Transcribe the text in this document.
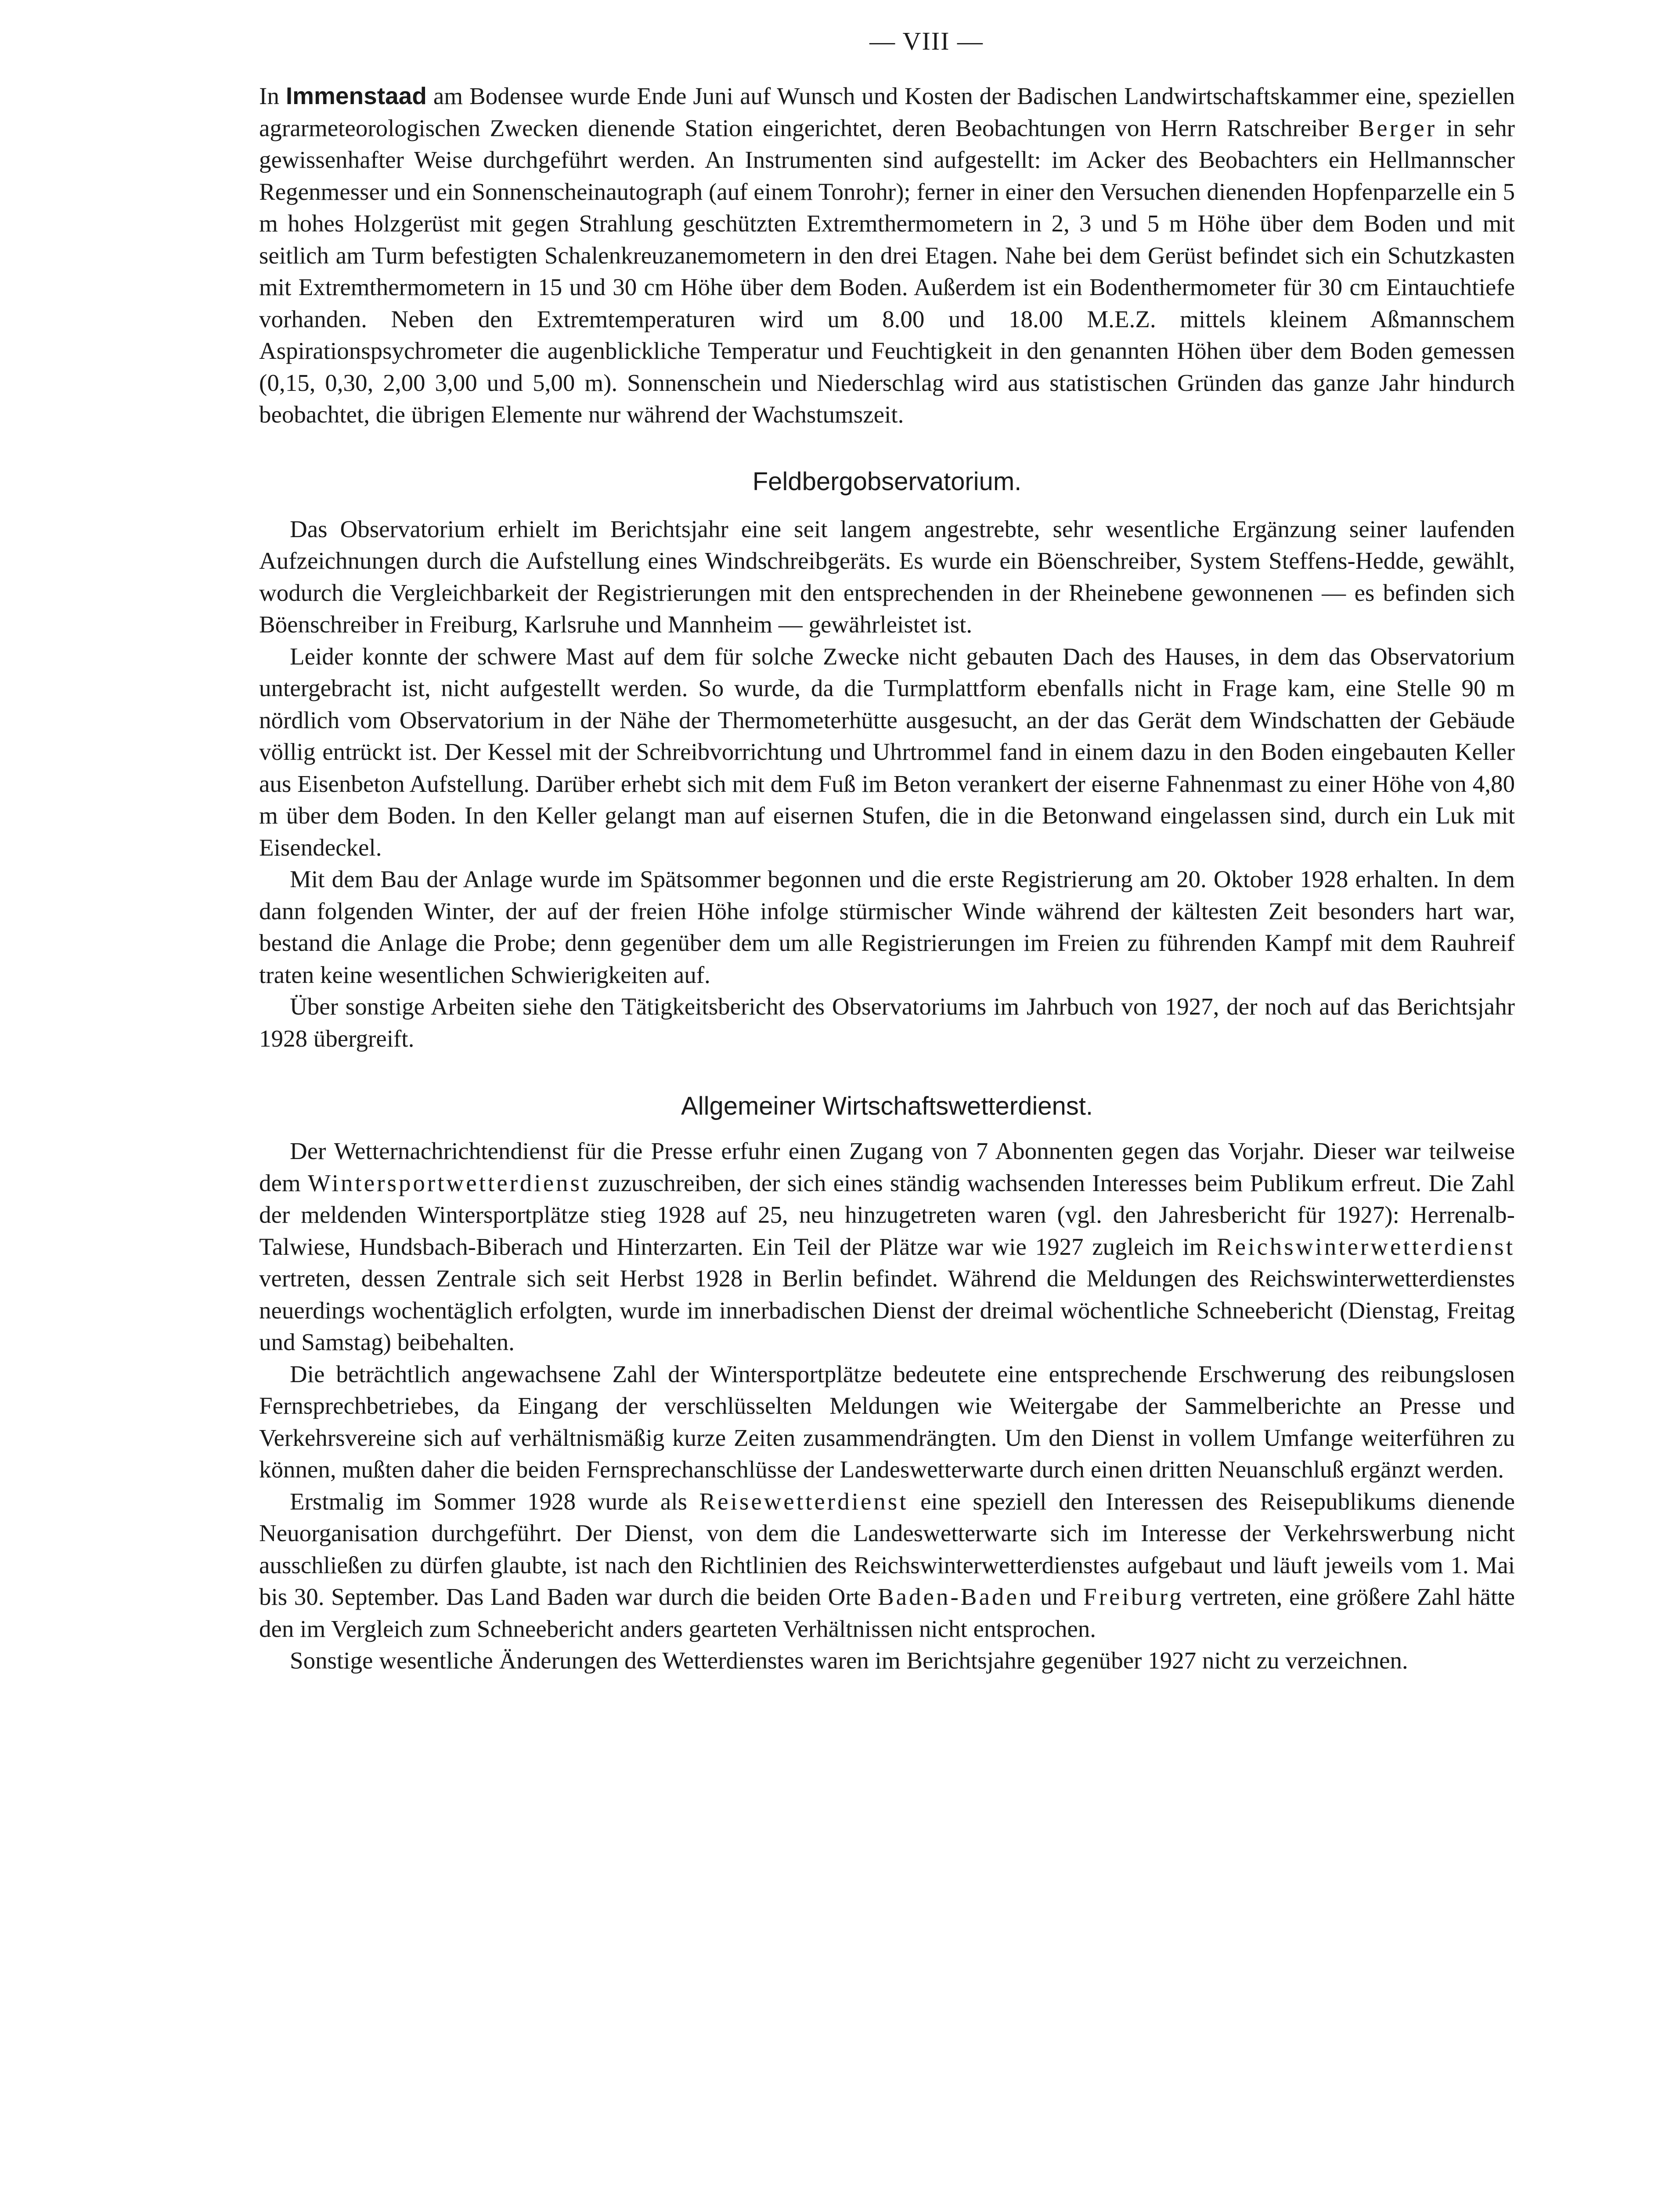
— VIII —

In Immenstaad am Bodensee wurde Ende Juni auf Wunsch und Kosten der Badischen Landwirtschaftskammer eine, speziellen agrarmeteorologischen Zwecken dienende Station eingerichtet, deren Beobachtungen von Herrn Ratschreiber Berger in sehr gewissenhafter Weise durchgeführt werden. An Instrumenten sind aufgestellt: im Acker des Beobachters ein Hellmannscher Regenmesser und ein Sonnenscheinautograph (auf einem Tonrohr); ferner in einer den Versuchen dienenden Hopfenparzelle ein 5 m hohes Holzgerüst mit gegen Strahlung geschützten Extremthermometern in 2, 3 und 5 m Höhe über dem Boden und mit seitlich am Turm befestigten Schalenkreuzanemometern in den drei Etagen. Nahe bei dem Gerüst befindet sich ein Schutzkasten mit Extremthermometern in 15 und 30 cm Höhe über dem Boden. Außerdem ist ein Bodenthermometer für 30 cm Eintauchtiefe vorhanden. Neben den Extremtemperaturen wird um 8.00 und 18.00 M.E.Z. mittels kleinem Aßmannschem Aspirationspsychrometer die augenblickliche Temperatur und Feuchtigkeit in den genannten Höhen über dem Boden gemessen (0,15, 0,30, 2,00 3,00 und 5,00 m). Sonnenschein und Niederschlag wird aus statistischen Gründen das ganze Jahr hindurch beobachtet, die übrigen Elemente nur während der Wachstumszeit.

Feldbergobservatorium.

Das Observatorium erhielt im Berichtsjahr eine seit langem angestrebte, sehr wesentliche Ergänzung seiner laufenden Aufzeichnungen durch die Aufstellung eines Windschreibgeräts. Es wurde ein Böenschreiber, System Steffens-Hedde, gewählt, wodurch die Vergleichbarkeit der Registrierungen mit den entsprechenden in der Rheinebene gewonnenen — es befinden sich Böenschreiber in Freiburg, Karlsruhe und Mannheim — gewährleistet ist.

Leider konnte der schwere Mast auf dem für solche Zwecke nicht gebauten Dach des Hauses, in dem das Observatorium untergebracht ist, nicht aufgestellt werden. So wurde, da die Turmplattform ebenfalls nicht in Frage kam, eine Stelle 90 m nördlich vom Observatorium in der Nähe der Thermometerhütte ausgesucht, an der das Gerät dem Windschatten der Gebäude völlig entrückt ist. Der Kessel mit der Schreibvorrichtung und Uhrtrommel fand in einem dazu in den Boden eingebauten Keller aus Eisenbeton Aufstellung. Darüber erhebt sich mit dem Fuß im Beton verankert der eiserne Fahnenmast zu einer Höhe von 4,80 m über dem Boden. In den Keller gelangt man auf eisernen Stufen, die in die Betonwand eingelassen sind, durch ein Luk mit Eisendeckel.

Mit dem Bau der Anlage wurde im Spätsommer begonnen und die erste Registrierung am 20. Oktober 1928 erhalten. In dem dann folgenden Winter, der auf der freien Höhe infolge stürmischer Winde während der kältesten Zeit besonders hart war, bestand die Anlage die Probe; denn gegenüber dem um alle Registrierungen im Freien zu führenden Kampf mit dem Rauhreif traten keine wesentlichen Schwierigkeiten auf.

Über sonstige Arbeiten siehe den Tätigkeitsbericht des Observatoriums im Jahrbuch von 1927, der noch auf das Berichtsjahr 1928 übergreift.

Allgemeiner Wirtschaftswetterdienst.

Der Wetternachrichtendienst für die Presse erfuhr einen Zugang von 7 Abonnenten gegen das Vorjahr. Dieser war teilweise dem Wintersportwetterdienst zuzuschreiben, der sich eines ständig wachsenden Interesses beim Publikum erfreut. Die Zahl der meldenden Wintersportplätze stieg 1928 auf 25, neu hinzugetreten waren (vgl. den Jahresbericht für 1927): Herrenalb-Talwiese, Hundsbach-Biberach und Hinterzarten. Ein Teil der Plätze war wie 1927 zugleich im Reichswinterwetterdienst vertreten, dessen Zentrale sich seit Herbst 1928 in Berlin befindet. Während die Meldungen des Reichswinterwetterdienstes neuerdings wochentäglich erfolgten, wurde im innerbadischen Dienst der dreimal wöchentliche Schneebericht (Dienstag, Freitag und Samstag) beibehalten.

Die beträchtlich angewachsene Zahl der Wintersportplätze bedeutete eine entsprechende Erschwerung des reibungslosen Fernsprechbetriebes, da Eingang der verschlüsselten Meldungen wie Weitergabe der Sammelberichte an Presse und Verkehrsvereine sich auf verhältnismäßig kurze Zeiten zusammendrängten. Um den Dienst in vollem Umfange weiterführen zu können, mußten daher die beiden Fernsprechanschlüsse der Landeswetterwarte durch einen dritten Neuanschluß ergänzt werden.

Erstmalig im Sommer 1928 wurde als Reisewetterdienst eine speziell den Interessen des Reisepublikums dienende Neuorganisation durchgeführt. Der Dienst, von dem die Landeswetterwarte sich im Interesse der Verkehrswerbung nicht ausschließen zu dürfen glaubte, ist nach den Richtlinien des Reichswinterwetterdienstes aufgebaut und läuft jeweils vom 1. Mai bis 30. September. Das Land Baden war durch die beiden Orte Baden-Baden und Freiburg vertreten, eine größere Zahl hätte den im Vergleich zum Schneebericht anders gearteten Verhältnissen nicht entsprochen.

Sonstige wesentliche Änderungen des Wetterdienstes waren im Berichtsjahre gegenüber 1927 nicht zu verzeichnen.
